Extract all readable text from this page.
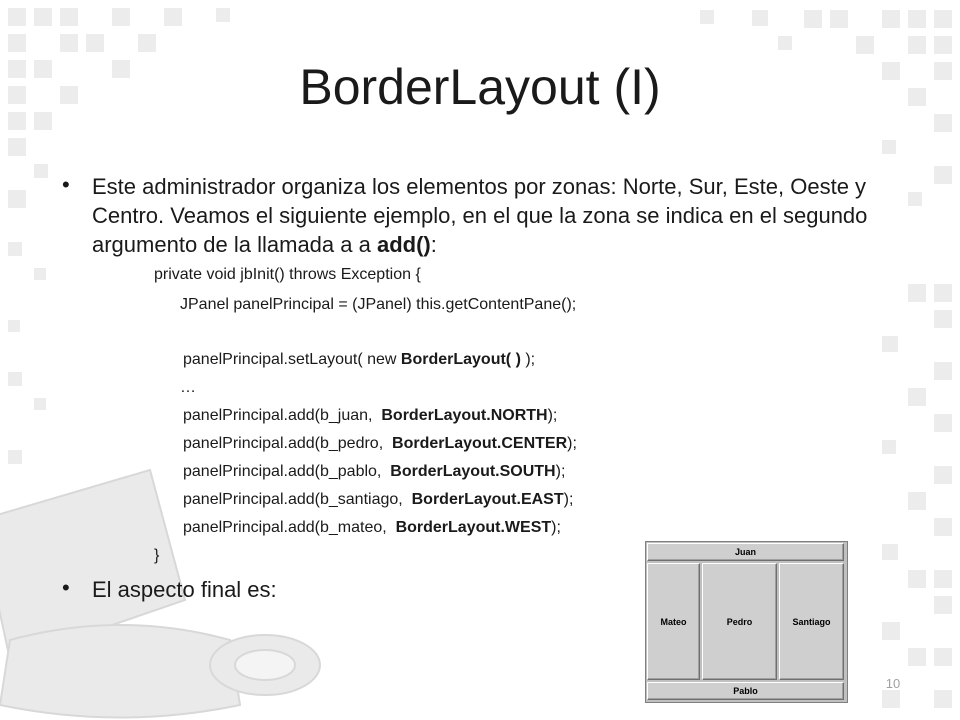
BorderLayout (I)
• Este administrador organiza los elementos por zonas: Norte, Sur, Este, Oeste y Centro. Veamos el siguiente ejemplo, en el que la zona se indica en el segundo argumento de la llamada a a add():
private void jbInit() throws Exception {
JPanel panelPrincipal = (JPanel) this.getContentPane();
panelPrincipal.setLayout( new BorderLayout( ) );
…
panelPrincipal.add(b_juan,  BorderLayout.NORTH);
panelPrincipal.add(b_pedro,  BorderLayout.CENTER);
panelPrincipal.add(b_pablo,  BorderLayout.SOUTH);
panelPrincipal.add(b_santiago,  BorderLayout.EAST);
panelPrincipal.add(b_mateo,  BorderLayout.WEST);
}
• El aspecto final es:
Juan
Mateo	Pedro	Santiago
Pablo	10
